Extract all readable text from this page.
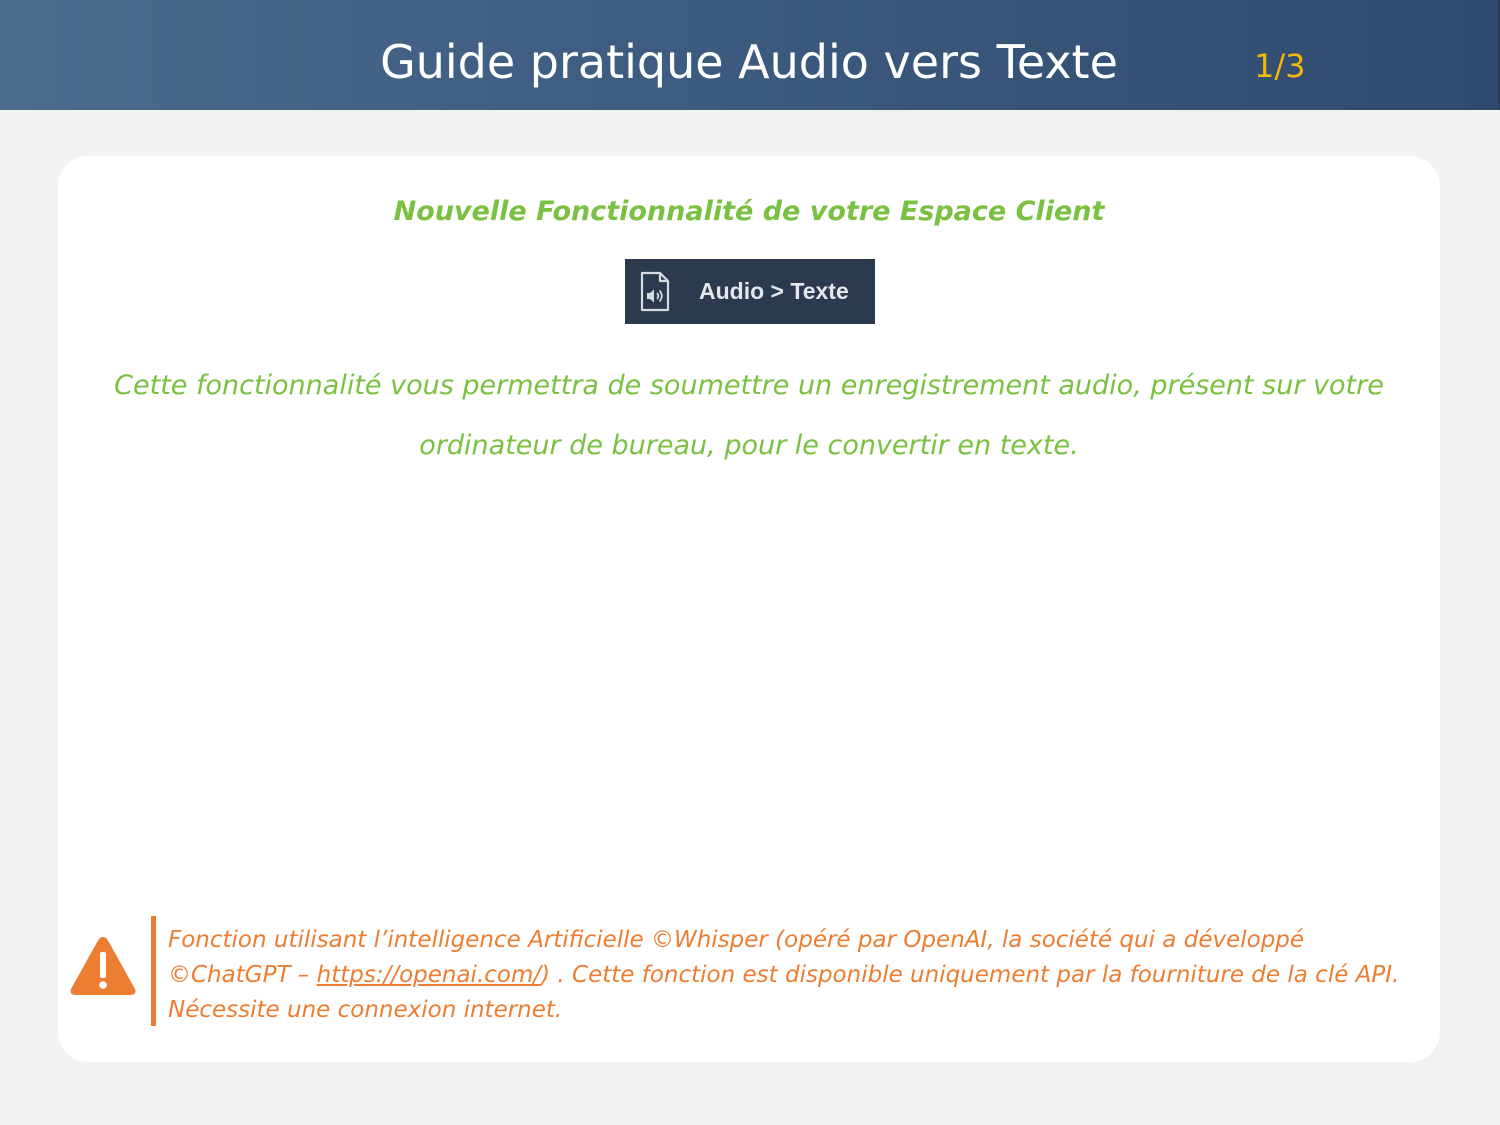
Guide pratique Audio vers Texte	1/3
Nouvelle Fonctionnalité de votre Espace Client
Audio > Texte
Cette fonctionnalité vous permettra de soumettre un enregistrement audio, présent sur votre ordinateur de bureau, pour le convertir en texte.
Fonction utilisant l’intelligence Artificielle ©Whisper (opéré par OpenAI, la société qui a développé ©ChatGPT – https://openai.com/) . Cette fonction est disponible uniquement par la fourniture de la clé API. Nécessite une connexion internet.
